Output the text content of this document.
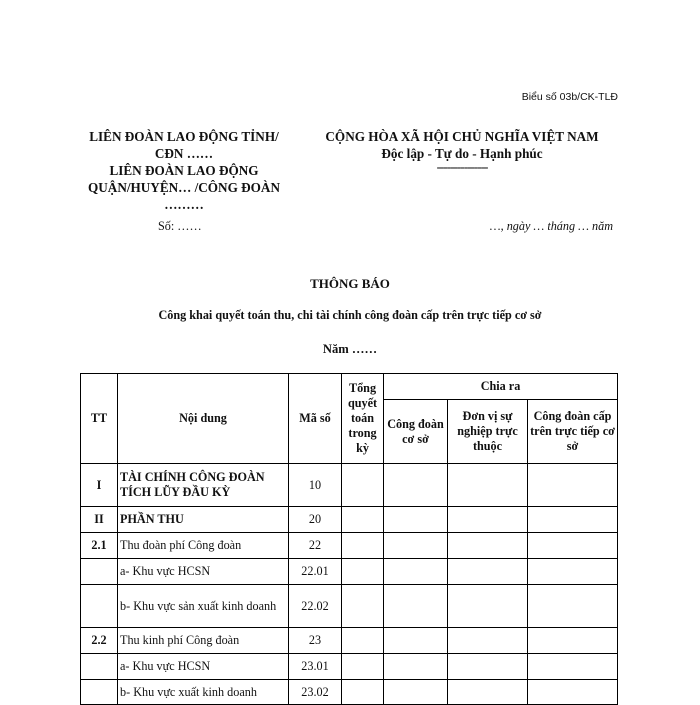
Biểu số 03b/CK-TLĐ
LIÊN ĐOÀN LAO ĐỘNG TỈNH/
CĐN ……
LIÊN ĐOÀN LAO ĐỘNG
QUẬN/HUYỆN… /CÔNG ĐOÀN
………
CỘNG HÒA XÃ HỘI CHỦ NGHĨA VIỆT NAM
Độc lập - Tự do - Hạnh phúc
---------------
Số: ……	…, ngày … tháng … năm
THÔNG BÁO
Công khai quyết toán thu, chi tài chính công đoàn cấp trên trực tiếp cơ sở
Năm ……
TT	Nội dung	Mã số	Tổng quyết toán trong kỳ	Chia ra		
				Công đoàn cơ sở	Đơn vị sự nghiệp trực thuộc	Công đoàn cấp trên trực tiếp cơ sở
I	TÀI CHÍNH CÔNG ĐOÀN TÍCH LŨY ĐẦU KỲ	10				
II	PHẦN THU	20				
2.1	Thu đoàn phí Công đoàn	22				
	a- Khu vực HCSN	22.01				
	b- Khu vực sản xuất kinh doanh	22.02				
2.2	Thu kinh phí Công đoàn	23				
	a- Khu vực HCSN	23.01				
	b- Khu vực xuất kinh doanh	23.02				
